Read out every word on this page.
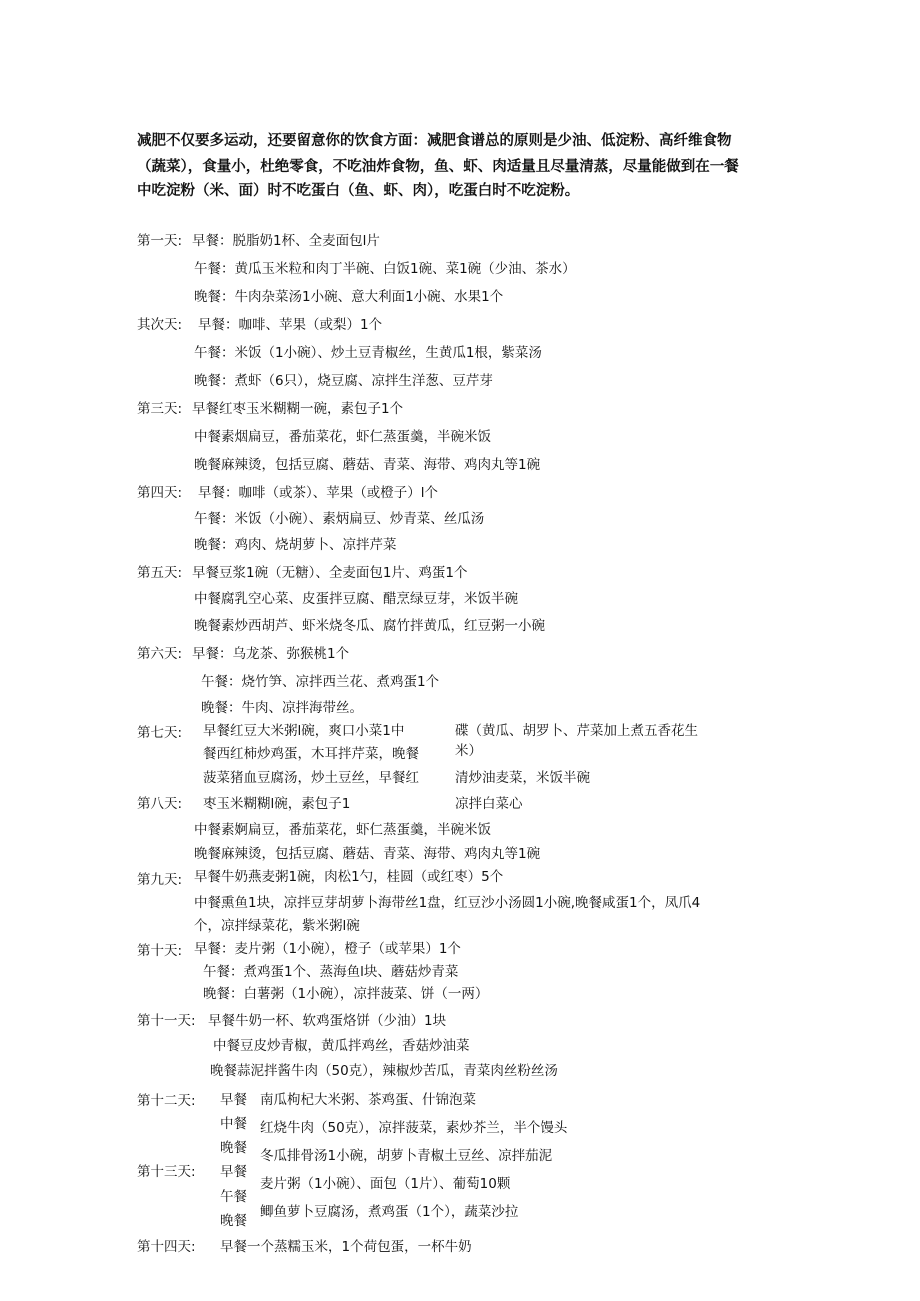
减肥不仅要多运动，还要留意你的饮食方面：减肥食谱总的原则是少油、低淀粉、高纤维食物
（蔬菜），食量小，杜绝零食，不吃油炸食物，鱼、虾、肉适量且尽量清蒸，尽量能做到在一餐
中吃淀粉（米、面）时不吃蛋白（鱼、虾、肉），吃蛋白时不吃淀粉。
第一天: 早餐：脱脂奶1杯、全麦面包l片
午餐：黄瓜玉米粒和肉丁半碗、白饭1碗、菜1碗（少油、茶水）
晚餐：牛肉杂菜汤1小碗、意大利面1小碗、水果1个
其次天: 早餐：咖啡、苹果（或梨）1个
午餐：米饭（1小碗）、炒土豆青椒丝，生黄瓜1根，紫菜汤
晚餐：煮虾（6只），烧豆腐、凉拌生洋葱、豆芹芽
第三天: 早餐红枣玉米糊糊一碗，素包子1个
中餐素烟扁豆，番茄菜花，虾仁蒸蛋羹，半碗米饭
晚餐麻辣烫，包括豆腐、蘑菇、青菜、海带、鸡肉丸等1碗
第四天: 早餐：咖啡（或茶）、苹果（或橙子）l个
午餐：米饭（小碗）、素炳扁豆、炒青菜、丝瓜汤
晚餐：鸡肉、烧胡萝卜、凉拌芹菜
第五天: 早餐豆浆1碗（无糖）、全麦面包1片、鸡蛋1个
中餐腐乳空心菜、皮蛋拌豆腐、醋烹绿豆芽，米饭半碗
晚餐素炒西胡芦、虾米烧冬瓜、腐竹拌黄瓜，红豆粥一小碗
第六天: 早餐：乌龙茶、弥猴桃1个
午餐：烧竹笋、凉拌西兰花、煮鸡蛋1个
晚餐：牛肉、凉拌海带丝。
第七天: 早餐红豆大米粥l碗，爽口小菜1中
餐西红柿炒鸡蛋，木耳拌芹菜，晚餐
菠菜猪血豆腐汤，炒土豆丝，早餐红
碟（黄瓜、胡罗卜、芹菜加上煮五香花生
米）
清炒油麦菜，米饭半碗
第八天: 枣玉米糊糊l碗，素包子1	凉拌白菜心
中餐素婀扁豆，番茄菜花，虾仁蒸蛋羹，半碗米饭
晚餐麻辣烫，包括豆腐、蘑菇、青菜、海带、鸡肉丸等1碗
第九天: 早餐牛奶燕麦粥1碗，肉松1勺，桂圆（或红枣）5个
中餐熏鱼1块，凉拌豆芽胡萝卜海带丝1盘，红豆沙小汤圆1小碗,晚餐咸蛋1个，凤爪4
个，凉拌绿菜花，紫米粥l碗
第十天: 早餐：麦片粥（1小碗），橙子（或苹果）1个
午餐：煮鸡蛋1个、蒸海鱼l块、蘑菇炒青菜
晚餐：白薯粥（1小碗），凉拌菠菜、饼（一两）
第十一天: 早餐牛奶一杯、软鸡蛋烙饼（少油）1块
中餐豆皮炒青椒，黄瓜拌鸡丝，香菇炒油菜
晚餐蒜泥拌酱牛肉（50克），辣椒炒苦瓜，青菜肉丝粉丝汤
第十二天: 早餐
中餐
晚餐
南瓜枸杞大米粥、茶鸡蛋、什锦泡菜
红烧牛肉（50克），凉拌菠菜，素炒芥兰，半个馒头
冬瓜排骨汤1小碗，胡萝卜青椒土豆丝、凉拌茄泥
第十三天: 早餐
午餐
晚餐
麦片粥（1小碗）、面包（1片）、葡萄10颗
鲫鱼萝卜豆腐汤，煮鸡蛋（1个），蔬菜沙拉
第十四天: 早餐一个蒸糯玉米，1个荷包蛋，一杯牛奶
